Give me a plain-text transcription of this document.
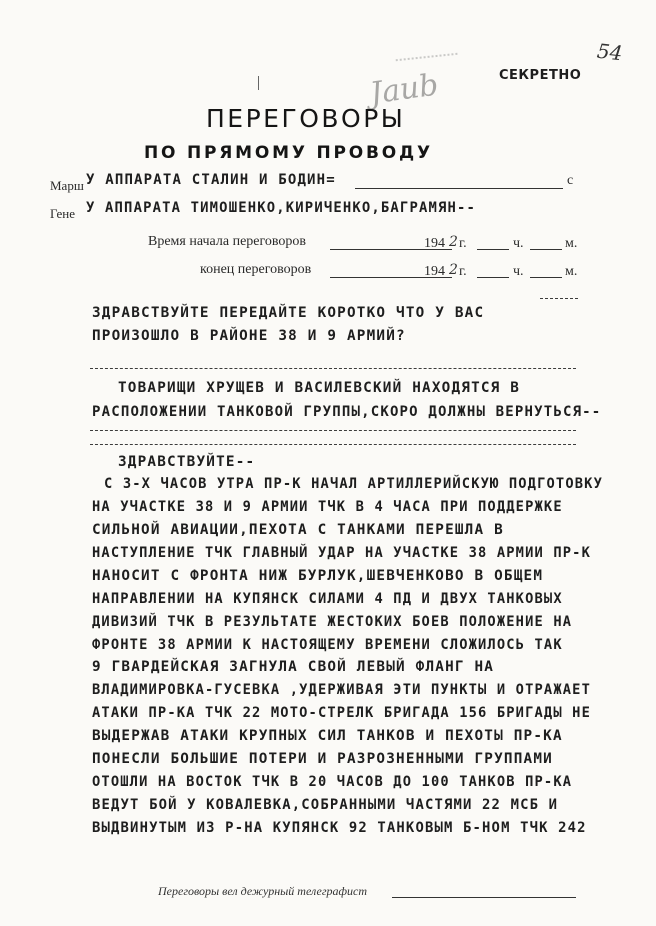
54
СЕКРЕТНО
Jaub
ПЕРЕГОВОРЫ
ПО ПРЯМОМУ ПРОВОДУ
Марш У АППАРАТА СТАЛИН И БОДИН=	с
Гене У АППАРАТА ТИМОШЕНКО,КИРИЧЕНКО,БАГРАМЯН--
Время начала переговоров	194 2 г.	ч.	м.
конец переговоров	194 2 г.	ч.	м.
ЗДРАВСТВУЙТЕ ПЕРЕДАЙТЕ КОРОТКО ЧТО У ВАС
ПРОИЗОШЛО В РАЙОНЕ 38 И 9 АРМИЙ?
ТОВАРИЩИ ХРУЩЕВ И ВАСИЛЕВСКИЙ НАХОДЯТСЯ В
РАСПОЛОЖЕНИИ ТАНКОВОЙ ГРУППЫ,СКОРО ДОЛЖНЫ ВЕРНУТЬСЯ--
ЗДРАВСТВУЙТЕ--
С 3-Х ЧАСОВ УТРА ПР-К НАЧАЛ АРТИЛЛЕРИЙСКУЮ ПОДГОТОВКУ
НА УЧАСТКЕ 38 И 9 АРМИИ ТЧК В 4 ЧАСА ПРИ ПОДДЕРЖКЕ
СИЛЬНОЙ АВИАЦИИ,ПЕХОТА С ТАНКАМИ ПЕРЕШЛА В
НАСТУПЛЕНИЕ ТЧК ГЛАВНЫЙ УДАР НА УЧАСТКЕ 38 АРМИИ ПР-К
НАНОСИТ С ФРОНТА НИЖ БУРЛУК,ШЕВЧЕНКОВО В ОБЩЕМ
НАПРАВЛЕНИИ НА КУПЯНСК СИЛАМИ 4 ПД И ДВУХ ТАНКОВЫХ
ДИВИЗИЙ ТЧК В РЕЗУЛЬТАТЕ ЖЕСТОКИХ БОЕВ ПОЛОЖЕНИЕ НА
ФРОНТЕ 38 АРМИИ К НАСТОЯЩЕМУ ВРЕМЕНИ СЛОЖИЛОСЬ ТАК
9 ГВАРДЕЙСКАЯ ЗАГНУЛА СВОЙ ЛЕВЫЙ ФЛАНГ НА
ВЛАДИМИРОВКА-ГУСЕВКА ,УДЕРЖИВАЯ ЭТИ ПУНКТЫ И ОТРАЖАЕТ
АТАКИ ПР-КА ТЧК 22 МОТО-СТРЕЛК БРИГАДА 156 БРИГАДЫ НЕ
ВЫДЕРЖАВ АТАКИ КРУПНЫХ СИЛ ТАНКОВ И ПЕХОТЫ ПР-КА
ПОНЕСЛИ БОЛЬШИЕ ПОТЕРИ И РАЗРОЗНЕННЫМИ ГРУППАМИ
ОТОШЛИ НА ВОСТОК ТЧК В 20 ЧАСОВ ДО 100 ТАНКОВ ПР-КА
ВЕДУТ БОЙ У КОВАЛЕВКА,СОБРАННЫМИ ЧАСТЯМИ 22 МСБ И
ВЫДВИНУТЫМ ИЗ Р-НА КУПЯНСК 92 ТАНКОВЫМ Б-НОМ ТЧК 242
Переговоры вел дежурный телеграфист
